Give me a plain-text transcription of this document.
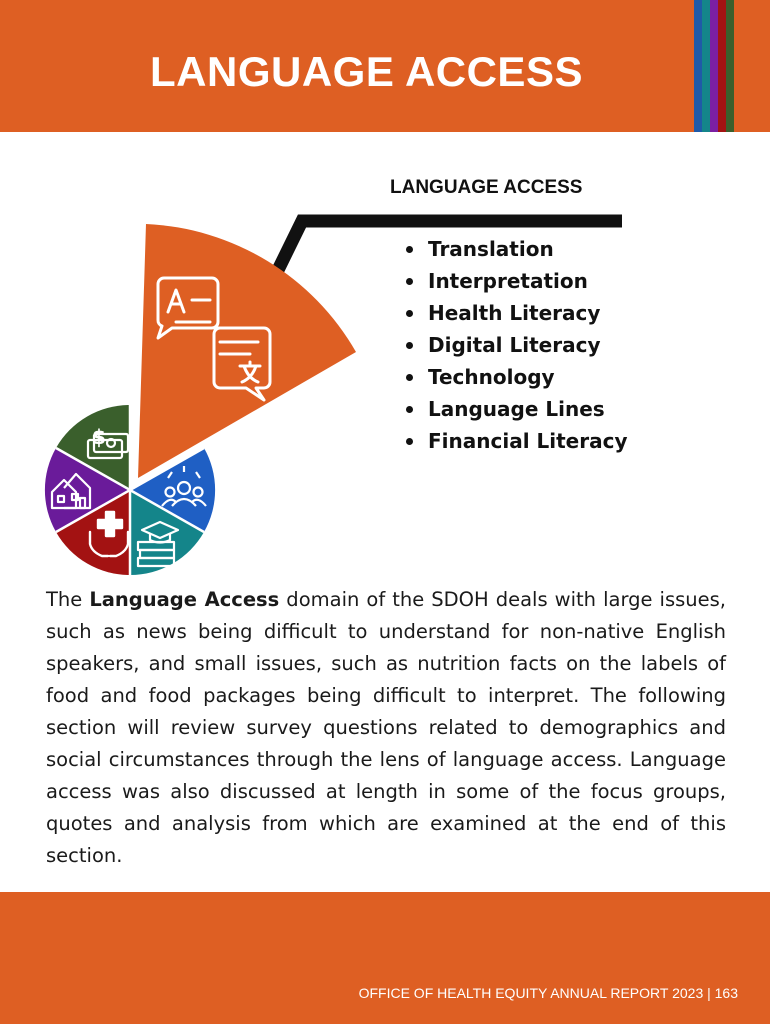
LANGUAGE ACCESS
$
LANGUAGE ACCESS
Translation
Interpretation
Health Literacy
Digital Literacy
Technology
Language Lines
Financial Literacy

The Language Access domain of the SDOH deals with large issues, such as news being difficult to understand for non-native English speakers, and small issues, such as nutrition facts on the labels of food and food packages being difficult to interpret. The following section will review survey questions related to demographics and social circumstances through the lens of language access. Language access was also discussed at length in some of the focus groups, quotes and analysis from which are examined at the end of this section.

OFFICE OF HEALTH EQUITY ANNUAL REPORT 2023 | 163
